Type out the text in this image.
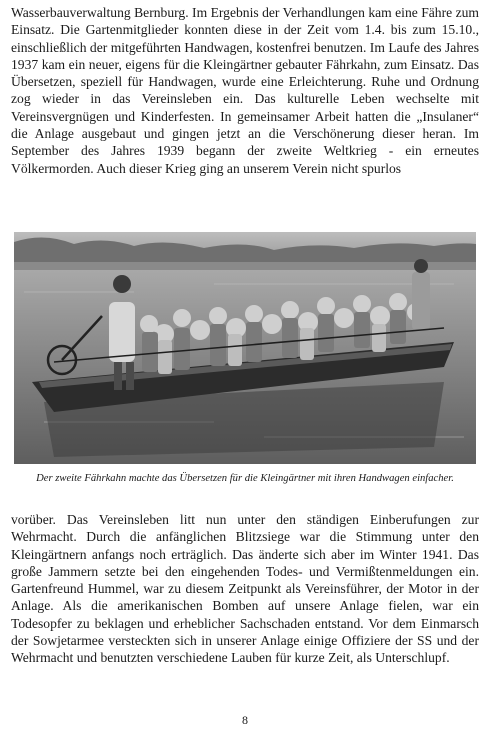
Wasserbauverwaltung Bernburg. Im Ergebnis der Verhandlungen kam eine Fähre zum Einsatz. Die Gartenmitglieder konnten diese in der Zeit vom 1.4. bis zum 15.10., einschließlich der mitgeführten Handwagen, kostenfrei benutzen. Im Laufe des Jahres 1937 kam ein neuer, eigens für die Kleingärtner gebauter Fährkahn, zum Einsatz. Das Übersetzen, speziell für Handwagen, wurde eine Erleichterung. Ruhe und Ordnung zog wieder in das Vereinsleben ein. Das kulturelle Leben wechselte mit Vereinsvergnügen und Kinderfesten. In gemeinsamer Arbeit hatten die „Insulaner“ die Anlage ausgebaut und gingen jetzt an die Verschönerung dieser heran. Im September des Jahres 1939 begann der zweite Weltkrieg - ein erneutes Völkermorden. Auch dieser Krieg ging an unserem Verein nicht spurlos

Der zweite Fährkahn machte das Übersetzen für die Kleingärtner mit ihren Handwagen einfacher.

vorüber. Das Vereinsleben litt nun unter den ständigen Einberufungen zur Wehrmacht. Durch die anfänglichen Blitzsiege war die Stimmung unter den Kleingärtnern anfangs noch erträglich. Das änderte sich aber im Winter 1941. Das große Jammern setzte bei den eingehenden Todes- und Vermißtenmeldungen ein. Gartenfreund Hummel, war zu diesem Zeitpunkt als Vereinsführer, der Motor in der Anlage. Als die amerikanischen Bomben auf unsere Anlage fielen, war ein Todesopfer zu beklagen und erheblicher Sachschaden entstand. Vor dem Einmarsch der Sowjetarmee versteckten sich in unserer Anlage einige Offiziere der SS und der Wehrmacht und benutzten verschiedene Lauben für kurze Zeit, als Unterschlupf.

8
